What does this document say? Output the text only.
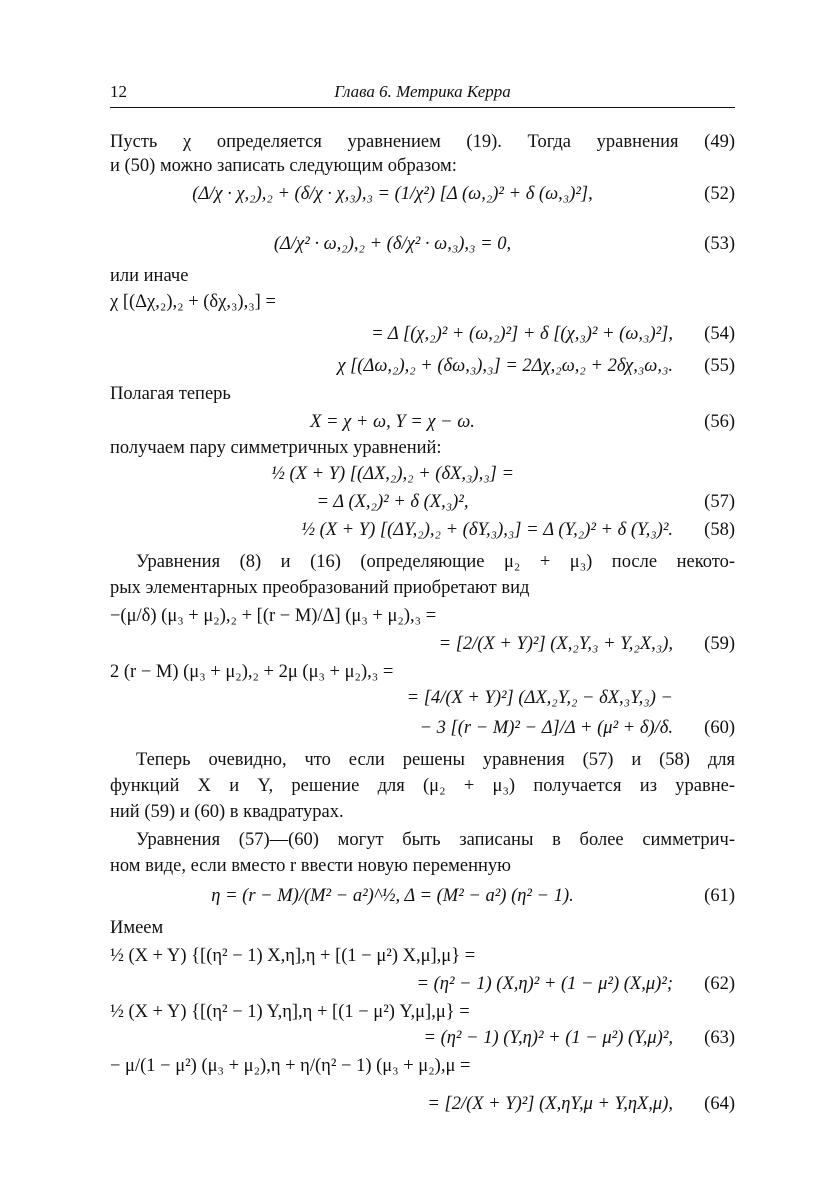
12	Глава 6. Метрика Керра
Пусть χ определяется уравнением (19). Тогда уравнения (49)
и (50) можно записать следующим образом:
(Δ/χ · χ,₂),₂ + (δ/χ · χ,₃),₃ = (1/χ²) [Δ (ω,₂)² + δ (ω,₃)²],	(52)
(Δ/χ² · ω,₂),₂ + (δ/χ² · ω,₃),₃ = 0,	(53)
или иначе
χ [(Δχ,₂),₂ + (δχ,₃),₃] =
= Δ [(χ,₂)² + (ω,₂)²] + δ [(χ,₃)² + (ω,₃)²], (54)
χ [(Δω,₂),₂ + (δω,₃),₃] = 2Δχ,₂ω,₂ + 2δχ,₃ω,₃. (55)
Полагая теперь
X = χ + ω, Y = χ − ω.	(56)
получаем пару симметричных уравнений:
½ (X + Y) [(ΔX,₂),₂ + (δX,₃),₃] =
= Δ (X,₂)² + δ (X,₃)²,	(57)
½ (X + Y) [(ΔY,₂),₂ + (δY,₃),₃] = Δ (Y,₂)² + δ (Y,₃)². (58)
Уравнения (8) и (16) (определяющие μ₂ + μ₃) после некото-
рых элементарных преобразований приобретают вид
−(μ/δ) (μ₃ + μ₂),₂ + [(r − M)/Δ] (μ₃ + μ₂),₃ =
= [2/(X + Y)²] (X,₂Y,₃ + Y,₂X,₃), (59)
2 (r − M) (μ₃ + μ₂),₂ + 2μ (μ₃ + μ₂),₃ =
= [4/(X + Y)²] (ΔX,₂Y,₂ − δX,₃Y,₃) −
− 3 [(r − M)² − Δ]/Δ + (μ² + δ)/δ. (60)
Теперь очевидно, что если решены уравнения (57) и (58) для
функций X и Y, решение для (μ₂ + μ₃) получается из уравне-
ний (59) и (60) в квадратурах.
Уравнения (57)—(60) могут быть записаны в более симметрич-
ном виде, если вместо r ввести новую переменную
η = (r − M)/(M² − a²)^½, Δ = (M² − a²) (η² − 1).	(61)
Имеем
½ (X + Y) {[(η² − 1) X,η],η + [(1 − μ²) X,μ],μ} =
= (η² − 1) (X,η)² + (1 − μ²) (X,μ)²; (62)
½ (X + Y) {[(η² − 1) Y,η],η + [(1 − μ²) Y,μ],μ} =
= (η² − 1) (Y,η)² + (1 − μ²) (Y,μ)², (63)
− μ/(1 − μ²) (μ₃ + μ₂),η + η/(η² − 1) (μ₃ + μ₂),μ =
= [2/(X + Y)²] (X,ηY,μ + Y,ηX,μ), (64)
